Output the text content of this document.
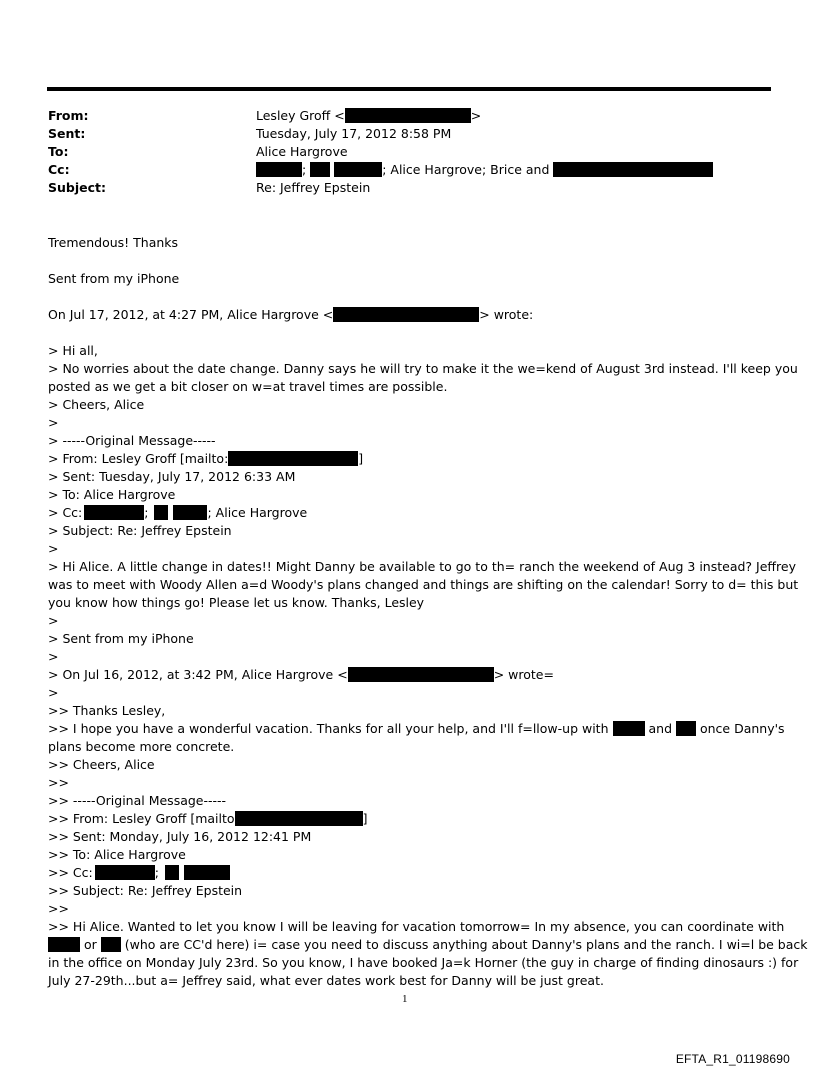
From:	Lesley Groff <	>
Sent:	Tuesday, July 17, 2012 8:58 PM
To:	Alice Hargrove
Cc:	;	; Alice Hargrove; Brice and
Subject:	Re: Jeffrey Epstein
Tremendous! Thanks
Sent from my iPhone
On Jul 17, 2012, at 4:27 PM, Alice Hargrove <	> wrote:
> Hi all,
> No worries about the date change. Danny says he will try to make it the we=kend of August 3rd instead. I'll keep you
posted as we get a bit closer on w=at travel times are possible.
> Cheers, Alice
>
> -----Original Message-----
> From: Lesley Groff [mailto:	]
> Sent: Tuesday, July 17, 2012 6:33 AM
> To: Alice Hargrove
> Cc:	;	; Alice Hargrove
> Subject: Re: Jeffrey Epstein
>
> Hi Alice. A little change in dates!! Might Danny be available to go to th= ranch the weekend of Aug 3 instead? Jeffrey
was to meet with Woody Allen a=d Woody's plans changed and things are shifting on the calendar! Sorry to d= this but
you know how things go! Please let us know. Thanks, Lesley
>
> Sent from my iPhone
>
> On Jul 16, 2012, at 3:42 PM, Alice Hargrove <	> wrote=
>
>> Thanks Lesley,
>> I hope you have a wonderful vacation. Thanks for all your help, and I'll f=llow-up with	and once Danny's
plans become more concrete.
>> Cheers, Alice
>>
>> -----Original Message-----
>> From: Lesley Groff [mailto	]
>> Sent: Monday, July 16, 2012 12:41 PM
>> To: Alice Hargrove
>> Cc:	;
>> Subject: Re: Jeffrey Epstein
>>
>> Hi Alice. Wanted to let you know I will be leaving for vacation tomorrow= In my absence, you can coordinate with
or (who are CC'd here) i= case you need to discuss anything about Danny's plans and the ranch. I wi=l be back
in the office on Monday July 23rd. So you know, I have booked Ja=k Horner (the guy in charge of finding dinosaurs :) for
July 27-29th...but a= Jeffrey said, what ever dates work best for Danny will be just great.
1
EFTA_R1_01198690
